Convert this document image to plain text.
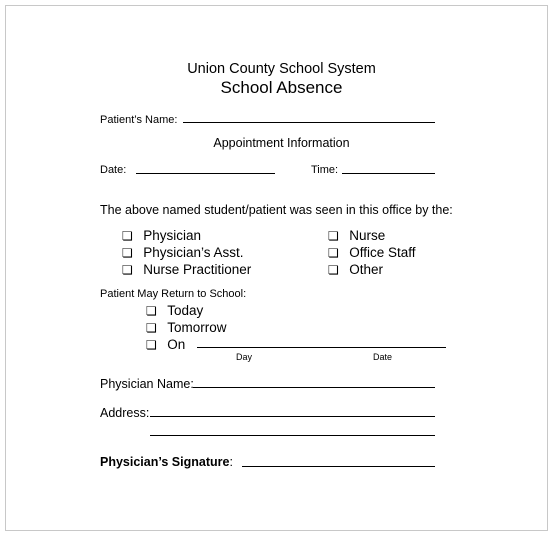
Union County School System
School Absence
Patient’s Name:
Appointment Information
Date:	Time:
The above named student/patient was seen in this office by the:
❏ Physician
❏ Physician’s Asst.
❏ Nurse Practitioner
❏ Nurse
❏ Office Staff
❏ Other
Patient May Return to School:
❏ Today
❏ Tomorrow
❏ On
Day	Date
Physician Name:
Address:
Physician’s Signature:
